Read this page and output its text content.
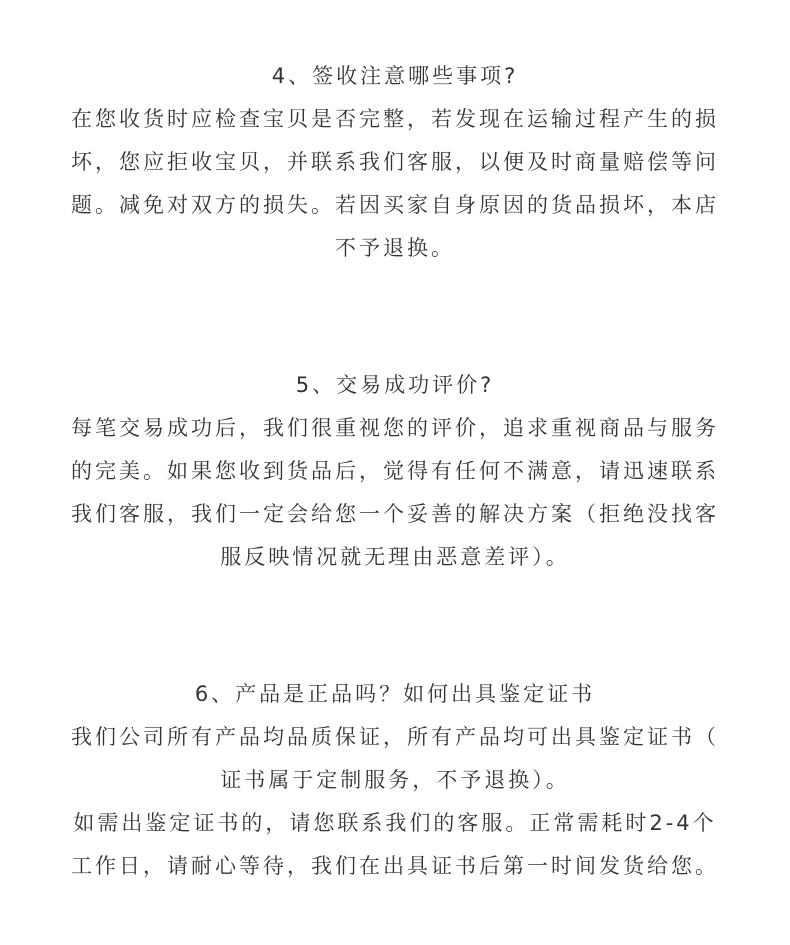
4、签收注意哪些事项?
在您收货时应检查宝贝是否完整，若发现在运输过程产生的损
坏，您应拒收宝贝，并联系我们客服，以便及时商量赔偿等问
题。减免对双方的损失。若因买家自身原因的货品损坏，本店
不予退换。
5、交易成功评价?
每笔交易成功后，我们很重视您的评价，追求重视商品与服务
的完美。如果您收到货品后，觉得有任何不满意，请迅速联系
我们客服，我们一定会给您一个妥善的解决方案（拒绝没找客
服反映情况就无理由恶意差评）。
6、产品是正品吗？如何出具鉴定证书
我们公司所有产品均品质保证，所有产品均可出具鉴定证书（
证书属于定制服务，不予退换）。
如需出鉴定证书的，请您联系我们的客服。正常需耗时2-4个
工作日，请耐心等待，我们在出具证书后第一时间发货给您。
